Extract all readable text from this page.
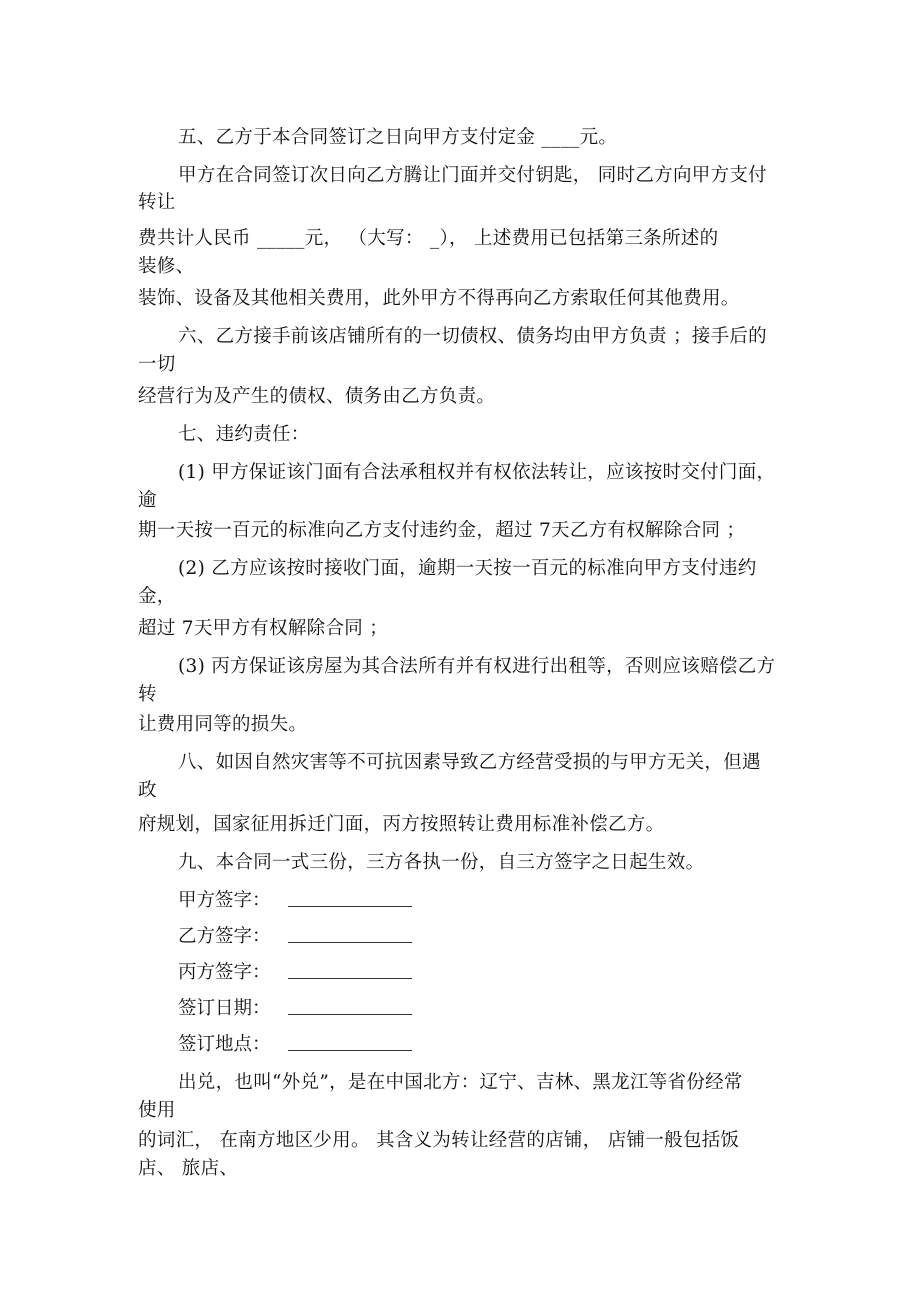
五、乙方于本合同签订之日向甲方支付定金 ____元。
甲方在合同签订次日向乙方腾让门面并交付钥匙， 同时乙方向甲方支付
转让
费共计人民币 _____元， （大写： _）， 上述费用已包括第三条所述的
装修、
装饰、设备及其他相关费用，此外甲方不得再向乙方索取任何其他费用。
六、乙方接手前该店铺所有的一切债权、债务均由甲方负责 ；接手后的
一切
经营行为及产生的债权、债务由乙方负责。
七、违约责任：
(1) 甲方保证该门面有合法承租权并有权依法转让，应该按时交付门面，
逾
期一天按一百元的标准向乙方支付违约金，超过 7天乙方有权解除合同 ；
(2) 乙方应该按时接收门面，逾期一天按一百元的标准向甲方支付违约
金，
超过 7天甲方有权解除合同 ；
(3) 丙方保证该房屋为其合法所有并有权进行出租等，否则应该赔偿乙方
转
让费用同等的损失。
八、如因自然灾害等不可抗因素导致乙方经营受损的与甲方无关，但遇
政
府规划，国家征用拆迁门面，丙方按照转让费用标准补偿乙方。
九、本合同一式三份，三方各执一份，自三方签字之日起生效。
出兑，也叫“外兑”，是在中国北方：辽宁、吉林、黑龙江等省份经常
使用
的词汇， 在南方地区少用。 其含义为转让经营的店铺， 店铺一般包括饭
店、 旅店、
甲方签字：
乙方签字：
丙方签字：
签订日期：
签订地点：
